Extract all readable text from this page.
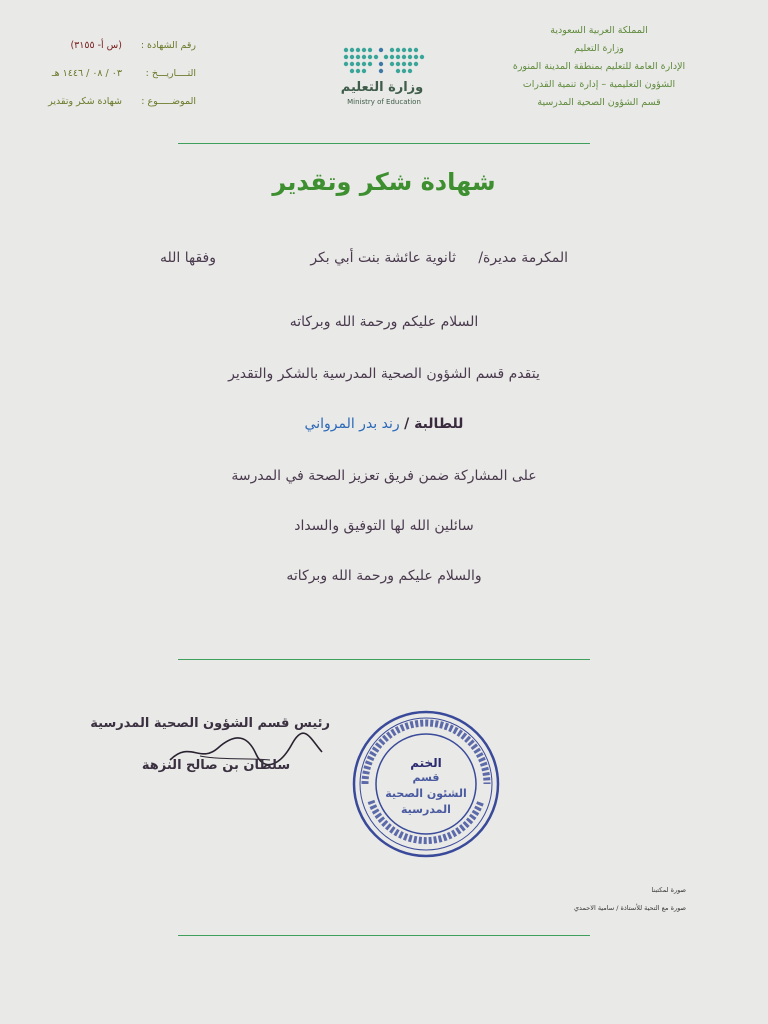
المملكة العربية السعودية
وزارة التعليم
الإدارة العامة للتعليم بمنطقة المدينة المنورة
الشؤون التعليمية – إدارة تنمية القدرات
قسم الشؤون الصحية المدرسية
وزارة التعليم
Ministry of Education
رقم الشهادة :
(س أ- ٣١٥٥)
التــــاريـــخ :
٠٣ / ٠٨ / ١٤٤٦ هـ
الموضـــــوع :
شهادة شكر وتقدير
شهادة شكر وتقدير
المكرمة مديرة/
ثانوية عائشة بنت أبي بكر
وفقها الله
السلام عليكم ورحمة الله وبركاته
يتقدم قسم الشؤون الصحية المدرسية بالشكر والتقدير
للطالبة / رند بدر المرواني
على المشاركة ضمن فريق تعزيز الصحة في المدرسة
سائلين الله لها التوفيق والسداد
والسلام عليكم ورحمة الله وبركاته
رئيس قسم الشؤون الصحية المدرسية
سلطان بن صالح النزهة	الختم
قسم
الشئون الصحية
المدرسية
صورة لمكتبنا
صورة مع التحية للأستاذة / سامية الاحمدي
